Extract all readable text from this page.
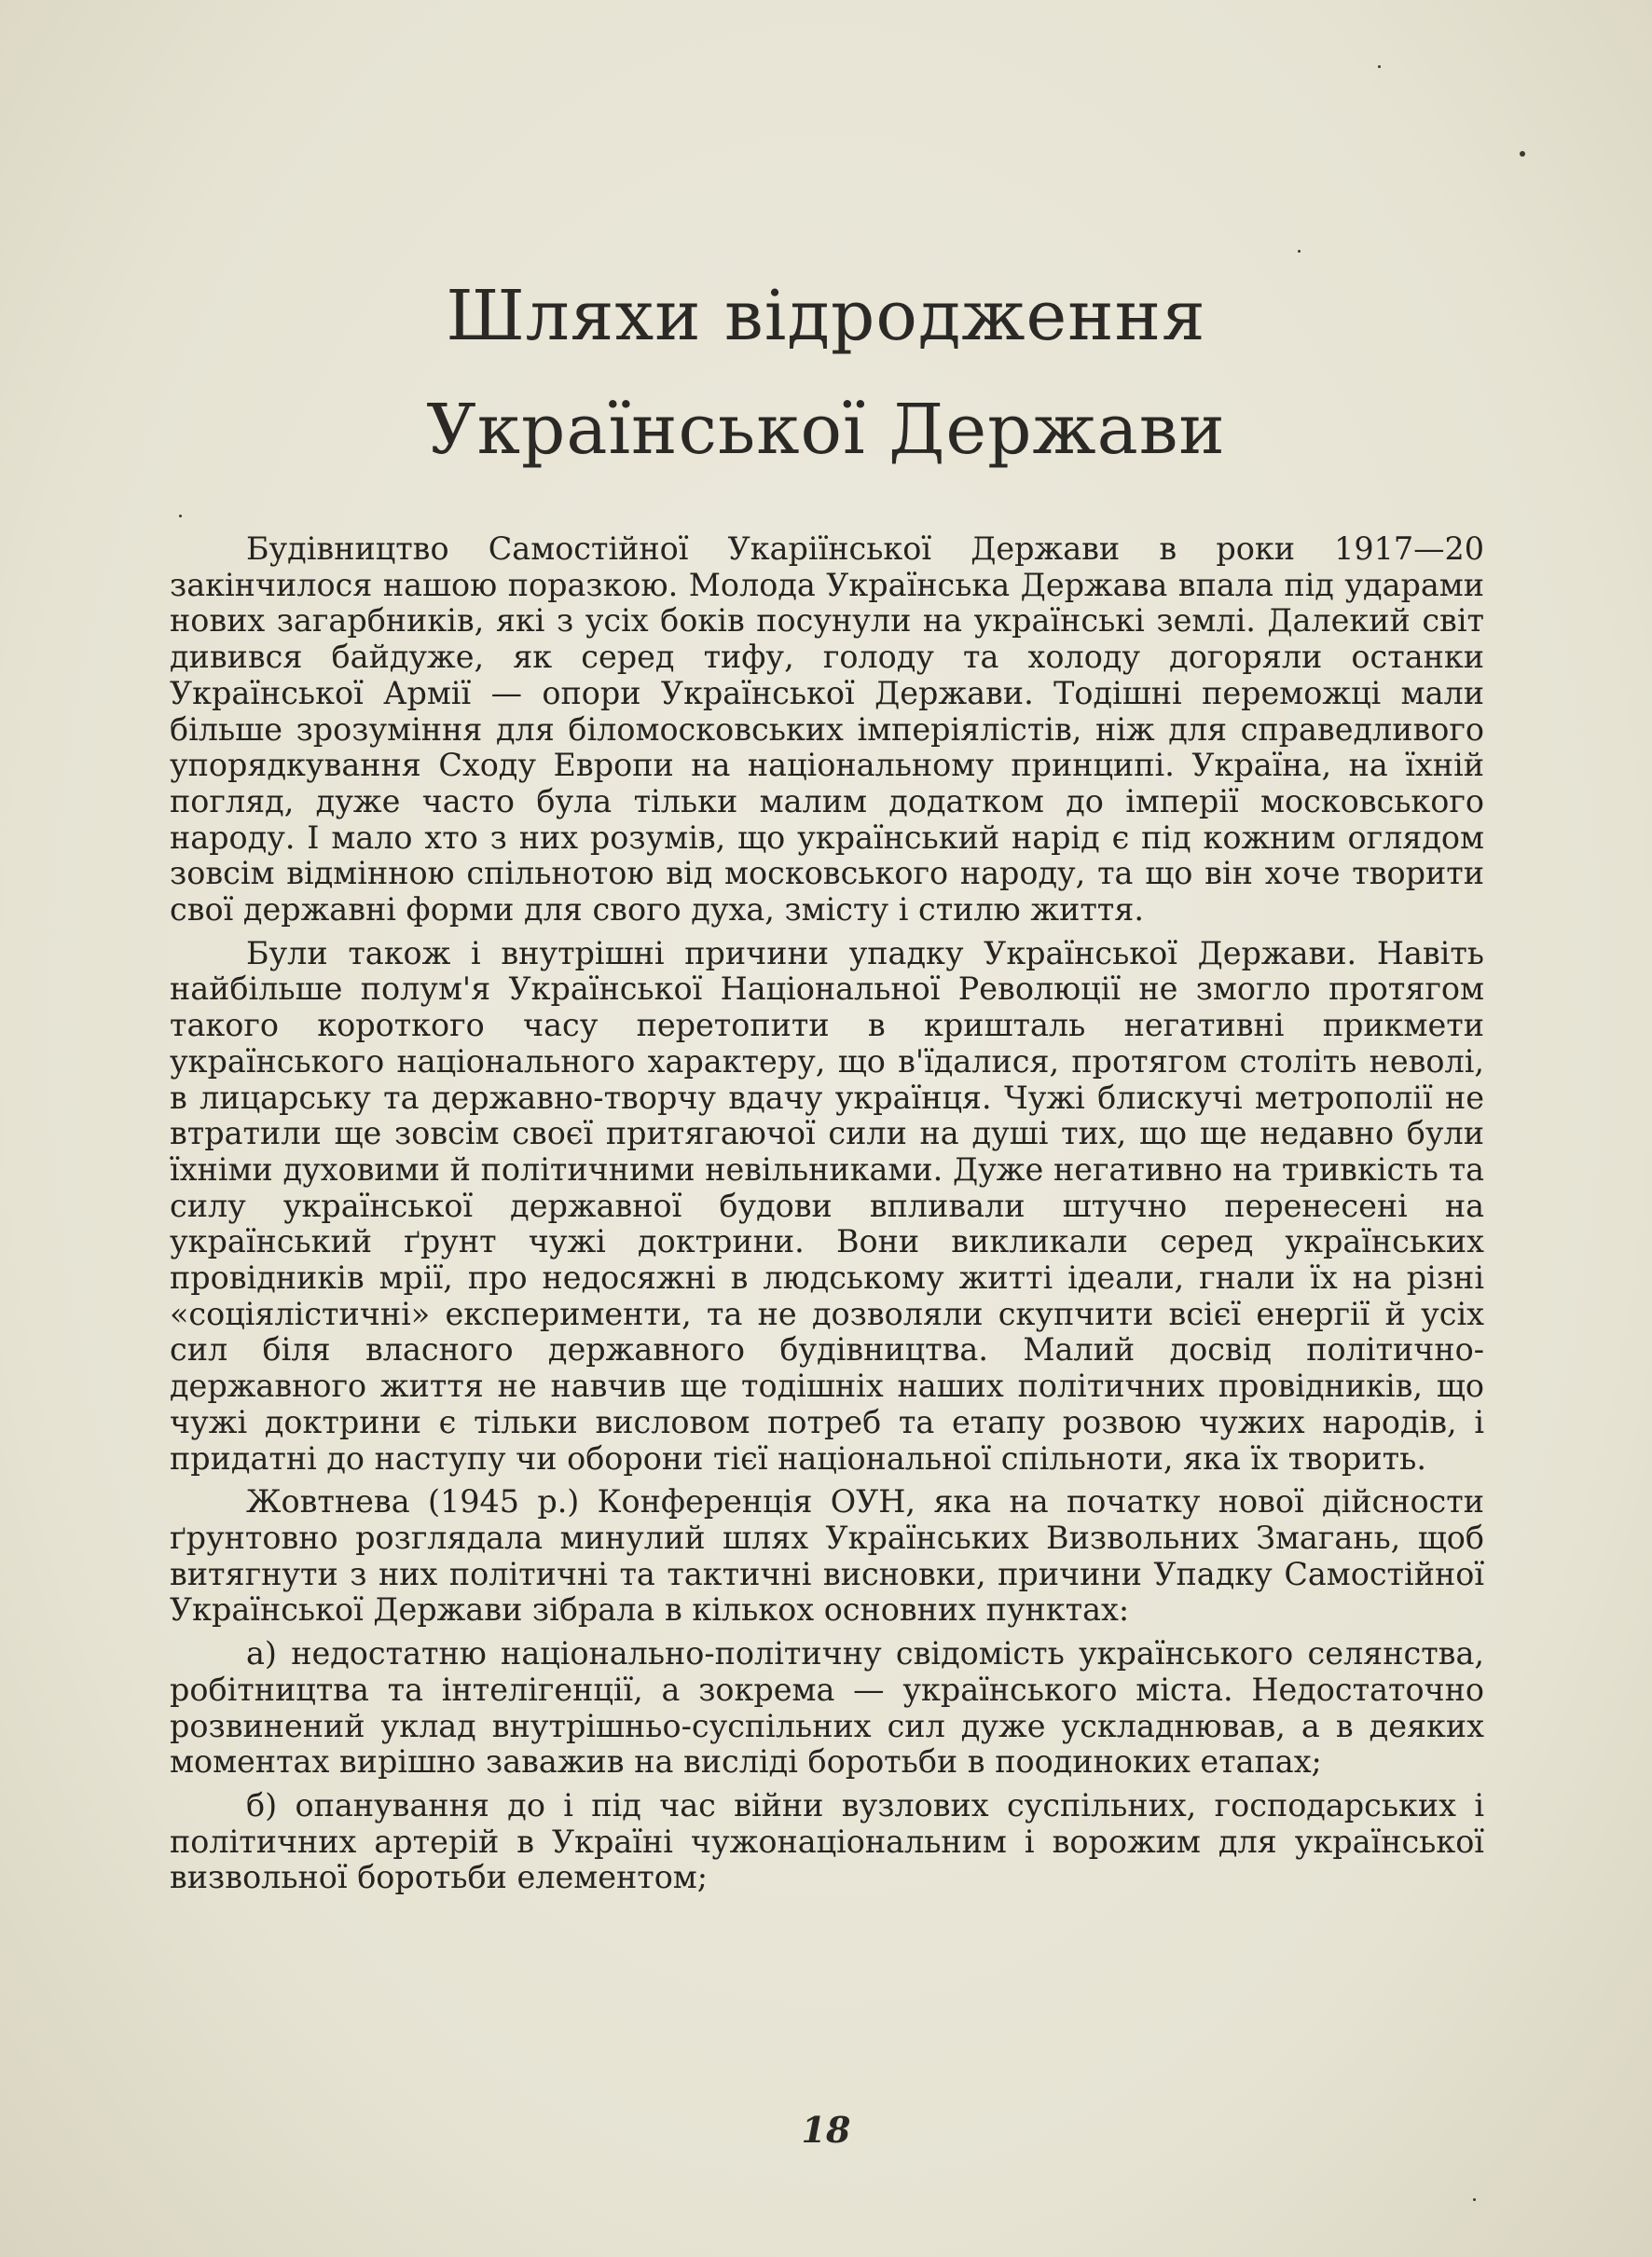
Шляхи відродження
Української Держави

Будівництво Самостійної Укаріїнської Держави в роки 1917—20 закінчилося нашою поразкою. Молода Українська Держава впала під ударами нових загарбників, які з усіх боків посунули на українські землі. Далекий світ дивився байдуже, як серед тифу, голоду та холоду догоряли останки Української Армії — опори Української Держави. Тодішні переможці мали більше зрозуміння для біломосковських імперіялістів, ніж для справедливого упорядкування Сходу Европи на національному принципі. Україна, на їхній погляд, дуже часто була тільки малим додатком до імперії московського народу. І мало хто з них розумів, що український нарід є під кожним оглядом зовсім відмінною спільнотою від московського народу, та що він хоче творити свої державні форми для свого духа, змісту і стилю життя.

Були також і внутрішні причини упадку Української Держави. Навіть найбільше полум'я Української Національної Революції не змогло протягом такого короткого часу перетопити в кришталь негативні прикмети українського національного характеру, що в'їдалися, протягом століть неволі, в лицарську та державно-творчу вдачу українця. Чужі блискучі метрополії не втратили ще зовсім своєї притягаючої сили на душі тих, що ще недавно були їхніми духовими й політичними невільниками. Дуже негативно на тривкість та силу української державної будови впливали штучно перенесені на український ґрунт чужі доктрини. Вони викликали серед українських провідників мрії, про недосяжні в людському житті ідеали, гнали їх на різні «соціялістичні» експерименти, та не дозволяли скупчити всієї енергії й усіх сил біля власного державного будівництва. Малий досвід політично-державного життя не навчив ще тодішніх наших політичних провідників, що чужі доктрини є тільки висловом потреб та етапу розвою чужих народів, і придатні до наступу чи оборони тієї національної спільноти, яка їх творить.

Жовтнева (1945 р.) Конференція ОУН, яка на початку нової дійсности ґрунтовно розглядала минулий шлях Українських Визвольних Змагань, щоб витягнути з них політичні та тактичні висновки, причини Упадку Самостійної Української Держави зібрала в кількох основних пунктах:

а) недостатню національно-політичну свідомість українського селянства, робітництва та інтелігенції, а зокрема — українського міста. Недостаточно розвинений уклад внутрішньо-суспільних сил дуже ускладнював, а в деяких моментах вирішно заважив на висліді боротьби в поодиноких етапах;

б) опанування до і під час війни вузлових суспільних, господарських і політичних артерій в Україні чужонаціональним і ворожим для української визвольної боротьби елементом;

18
